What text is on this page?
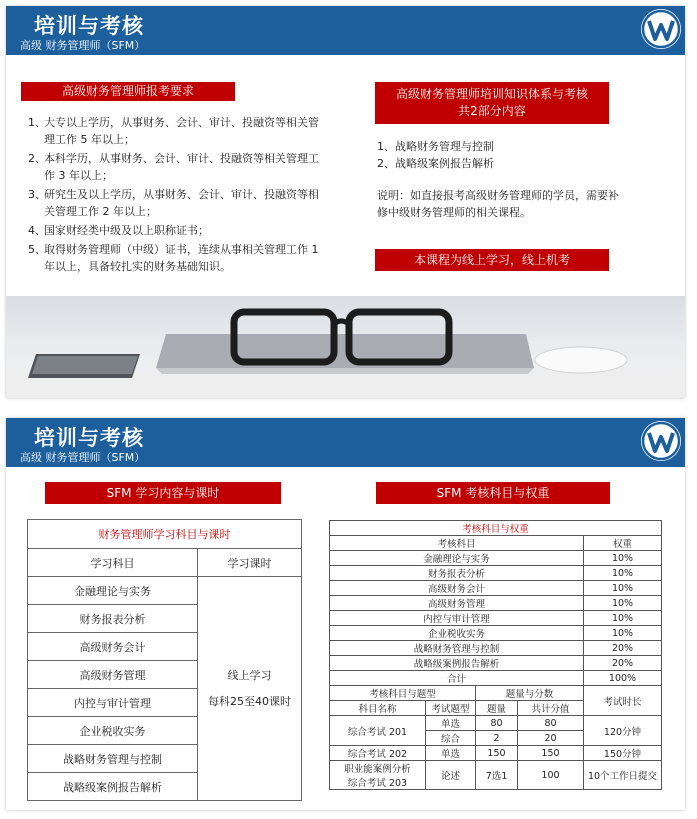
培训与考核
高级 财务管理师（SFM）
高级财务管理师报考要求
1、
大专以上学历，从事财务、会计、审计、投融资等相关管理工作 5 年以上；
2、
本科学历，从事财务、会计、审计、投融资等相关管理工作 3 年以上；
3、
研究生及以上学历，从事财务、会计、审计、投融资等相关管理工作 2 年以上；
4、
国家财经类中级及以上职称证书；
5、
取得财务管理师（中级）证书，连续从事相关管理工作 1 年以上，具备较扎实的财务基础知识。
高级财务管理师培训知识体系与考核
共2部分内容
1、战略财务管理与控制
2、战略级案例报告解析
说明：如直接报考高级财务管理师的学员，需要补修中级财务管理师的相关课程。
本课程为线上学习，线上机考
培训与考核
高级 财务管理师（SFM）
SFM 学习内容与课时	SFM 考核科目与权重
财务管理师学习科目与课时	
学习科目	学习课时
金融理论与实务	线上学习
每科25至40课时

财务报表分析	
高级财务会计	
高级财务管理	
内控与审计管理	
企业税收实务	
战略财务管理与控制	
战略级案例报告解析	
考核科目与权重				
考核科目				权重
金融理论与实务				10%
财务报表分析				10%
高级财务会计				10%
高级财务管理				10%
内控与审计管理				10%
企业税收实务				10%
战略财务管理与控制				20%
战略级案例报告解析				20%
合计				100%
考核科目与题型		题量与分数		考试时长
科目名称	考试题型	题量	共计分值	
综合考试 201	单选	80	80	120分钟
	综合	2	20	
综合考试 202	单选	150	150	150分钟

职业能案例分析
综合考试 203	论述	7选1	100	10个工作日提交
